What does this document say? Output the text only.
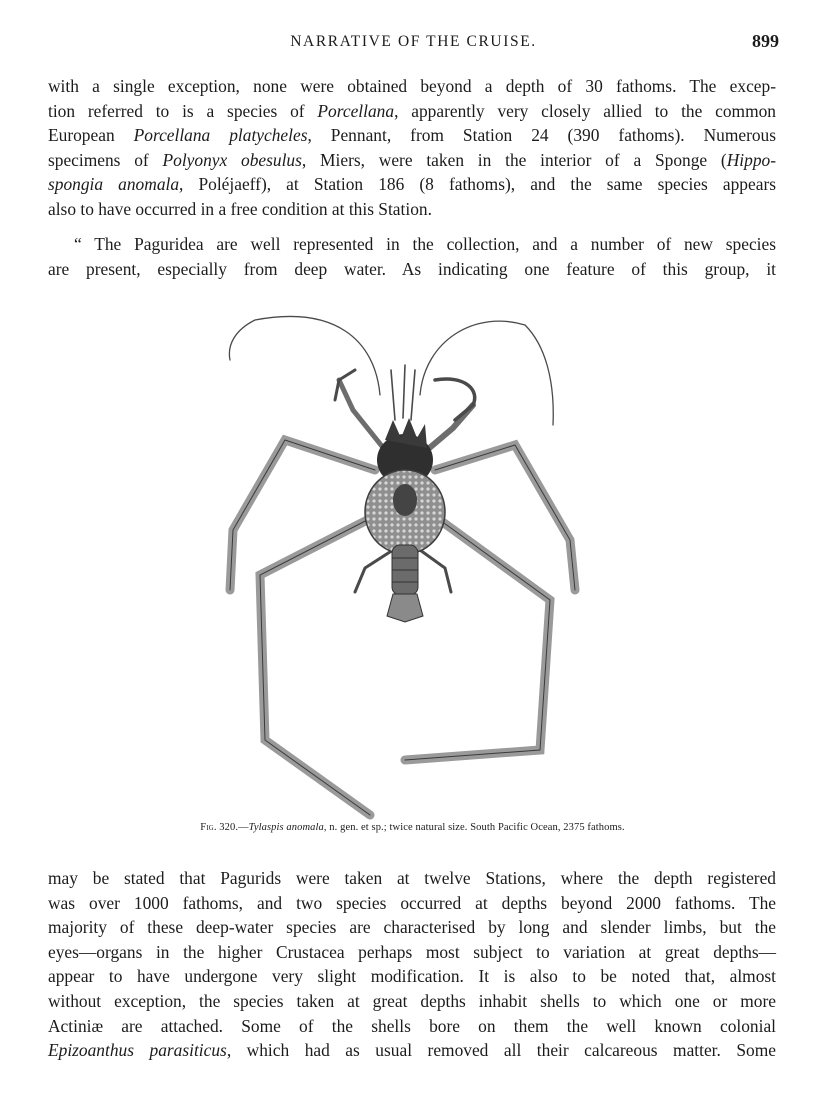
NARRATIVE OF THE CRUISE.	899

with a single exception, none were obtained beyond a depth of 30 fathoms. The excep-
tion referred to is a species of Porcellana, apparently very closely allied to the common
European Porcellana platycheles, Pennant, from Station 24 (390 fathoms). Numerous
specimens of Polyonyx obesulus, Miers, were taken in the interior of a Sponge (Hippo-
spongia anomala, Poléjaeff), at Station 186 (8 fathoms), and the same species appears
also to have occurred in a free condition at this Station.

“ The Paguridea are well represented in the collection, and a number of new species
are present, especially from deep water. As indicating one feature of this group, it

Fig. 320.—Tylaspis anomala, n. gen. et sp.; twice natural size. South Pacific Ocean, 2375 fathoms.

may be stated that Pagurids were taken at twelve Stations, where the depth registered
was over 1000 fathoms, and two species occurred at depths beyond 2000 fathoms. The
majority of these deep-water species are characterised by long and slender limbs, but the
eyes—organs in the higher Crustacea perhaps most subject to variation at great depths—
appear to have undergone very slight modification. It is also to be noted that, almost
without exception, the species taken at great depths inhabit shells to which one or more
Actiniæ are attached. Some of the shells bore on them the well known colonial
Epizoanthus parasiticus, which had as usual removed all their calcareous matter. Some
